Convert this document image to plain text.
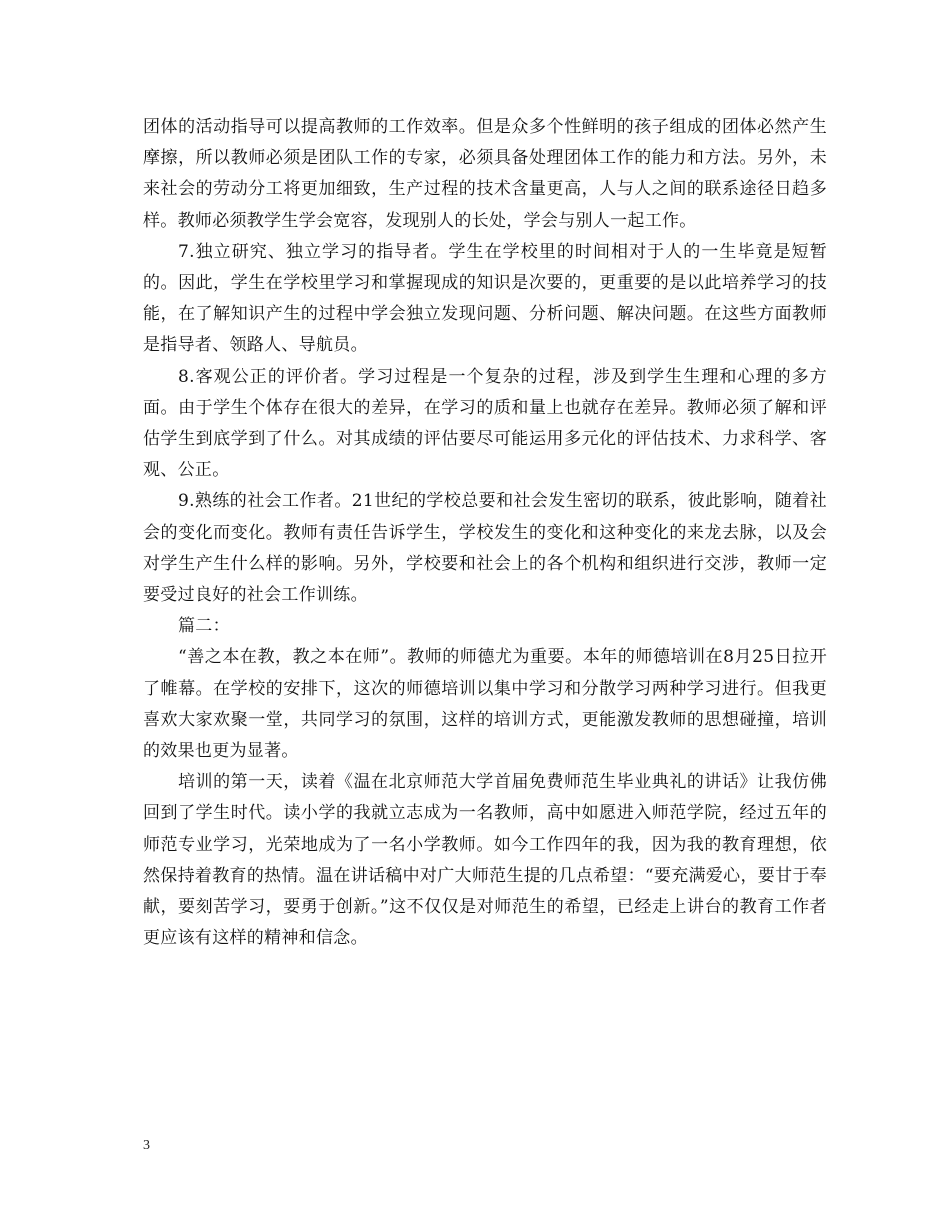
团体的活动指导可以提高教师的工作效率。但是众多个性鲜明的孩子组成的团体必然产生摩擦，所以教师必须是团队工作的专家，必须具备处理团体工作的能力和方法。另外，未来社会的劳动分工将更加细致，生产过程的技术含量更高，人与人之间的联系途径日趋多样。教师必须教学生学会宽容，发现别人的长处，学会与别人一起工作。

7.独立研究、独立学习的指导者。学生在学校里的时间相对于人的一生毕竟是短暂的。因此，学生在学校里学习和掌握现成的知识是次要的，更重要的是以此培养学习的技能，在了解知识产生的过程中学会独立发现问题、分析问题、解决问题。在这些方面教师是指导者、领路人、导航员。

8.客观公正的评价者。学习过程是一个复杂的过程，涉及到学生生理和心理的多方面。由于学生个体存在很大的差异，在学习的质和量上也就存在差异。教师必须了解和评估学生到底学到了什么。对其成绩的评估要尽可能运用多元化的评估技术、力求科学、客观、公正。

9.熟练的社会工作者。21世纪的学校总要和社会发生密切的联系，彼此影响，随着社会的变化而变化。教师有责任告诉学生，学校发生的变化和这种变化的来龙去脉，以及会对学生产生什么样的影响。另外，学校要和社会上的各个机构和组织进行交涉，教师一定要受过良好的社会工作训练。

篇二：

“善之本在教，教之本在师”。教师的师德尤为重要。本年的师德培训在8月25日拉开了帷幕。在学校的安排下，这次的师德培训以集中学习和分散学习两种学习进行。但我更喜欢大家欢聚一堂，共同学习的氛围，这样的培训方式，更能激发教师的思想碰撞，培训的效果也更为显著。

培训的第一天，读着《温在北京师范大学首届免费师范生毕业典礼的讲话》让我仿佛回到了学生时代。读小学的我就立志成为一名教师，高中如愿进入师范学院，经过五年的师范专业学习，光荣地成为了一名小学教师。如今工作四年的我，因为我的教育理想，依然保持着教育的热情。温在讲话稿中对广大师范生提的几点希望：“要充满爱心，要甘于奉献，要刻苦学习，要勇于创新。”这不仅仅是对师范生的希望，已经走上讲台的教育工作者更应该有这样的精神和信念。

3
